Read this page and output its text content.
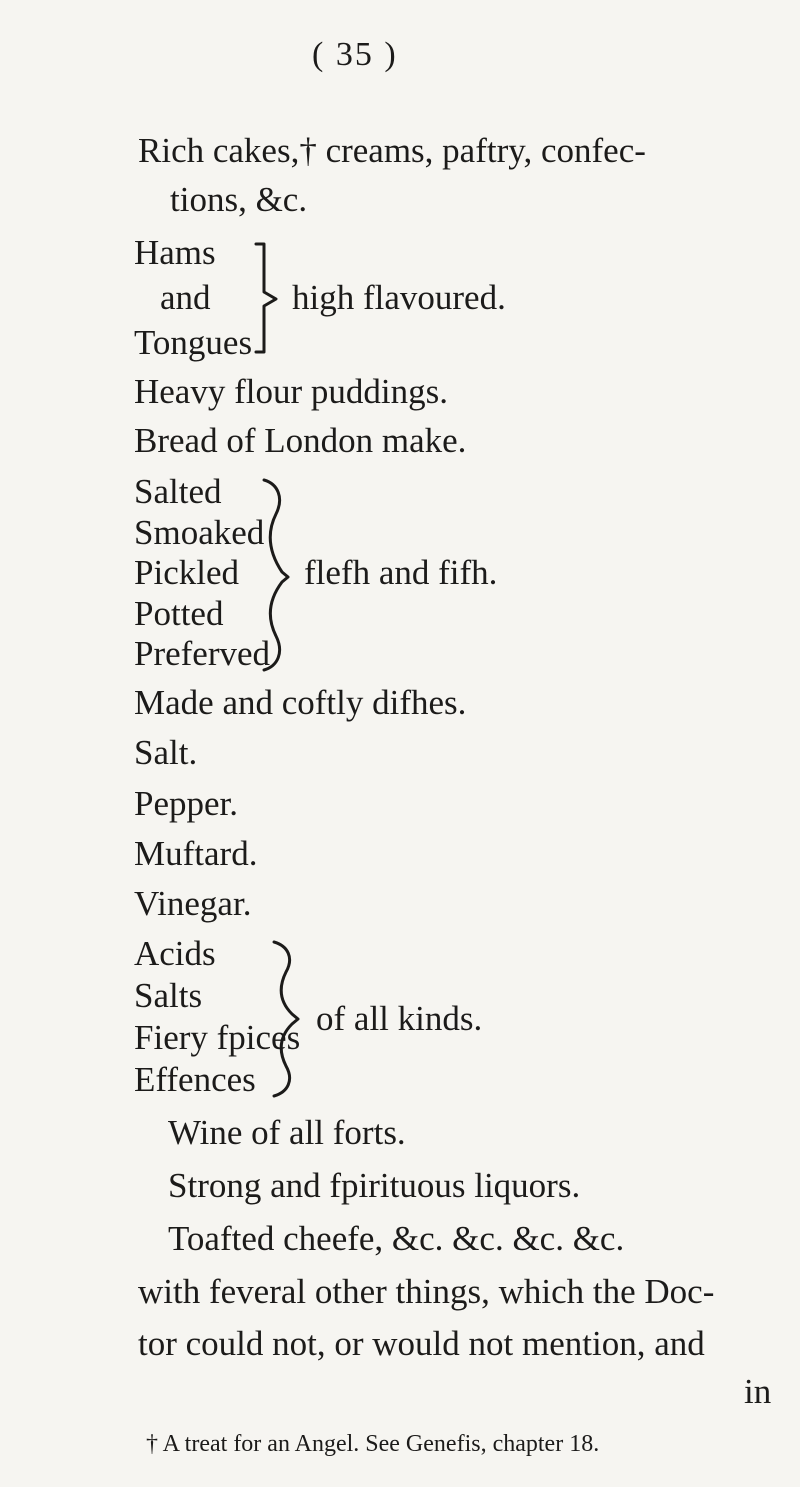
( 35 )
Rich cakes,† creams, paftry, confec-
tions, &c.
Hams
and
Tongues
high flavoured.
Heavy flour puddings.
Bread of London make.
Salted
Smoaked
Pickled
Potted
Preferved
flefh and fifh.
Made and coftly difhes.
Salt.
Pepper.
Muftard.
Vinegar.
Acids
Salts
Fiery fpices
Effences
of all kinds.
Wine of all forts.
Strong and fpirituous liquors.
Toafted cheefe, &c. &c. &c. &c.
with feveral other things, which the Doc-
tor could not, or would not mention, and
in
† A treat for an Angel. See Genefis, chapter 18.
